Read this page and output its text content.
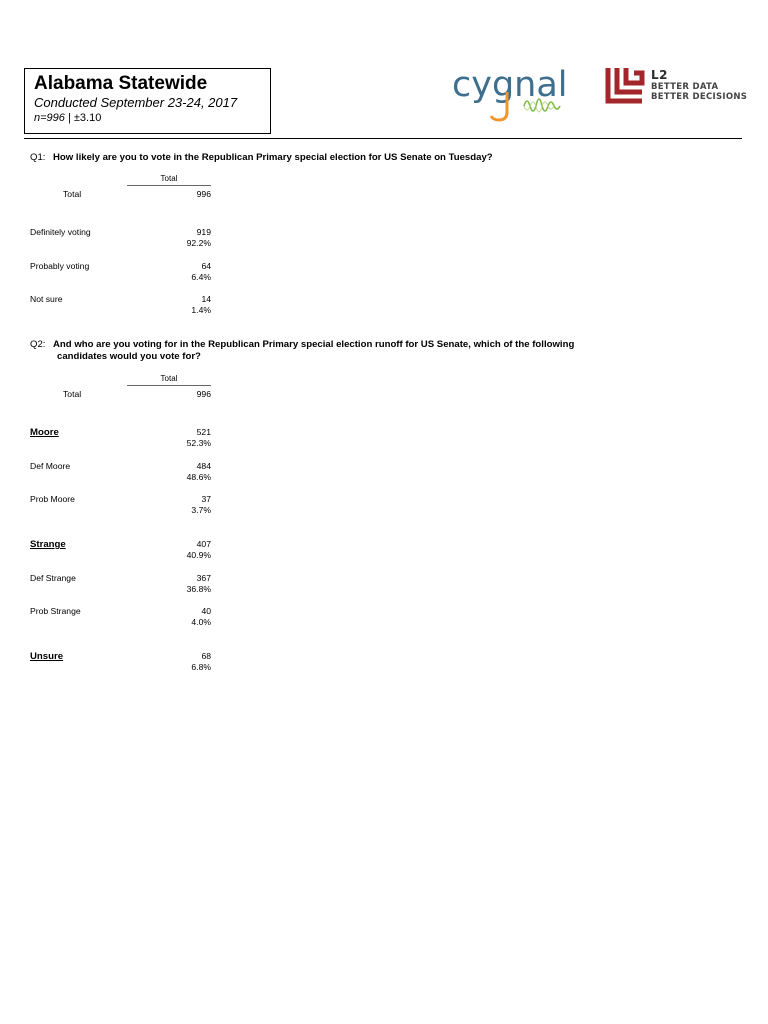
Alabama Statewide
Conducted September 23-24, 2017
n=996 | ±3.10
cygnal	L2
BETTER DATA
BETTER DECISIONS
Q1: How likely are you to vote in the Republican Primary special election for US Senate on Tuesday?
Total
Total	996
Definitely voting	919
92.2%
Probably voting	64
6.4%
Not sure	14
1.4%
Q2: And who are you voting for in the Republican Primary special election runoff for US Senate, which of the following
candidates would you vote for?
Total
Total	996
Moore	521
52.3%
Def Moore	484
48.6%
Prob Moore	37
3.7%
Strange	407
40.9%
Def Strange	367
36.8%
Prob Strange	40
4.0%
Unsure	68
6.8%
